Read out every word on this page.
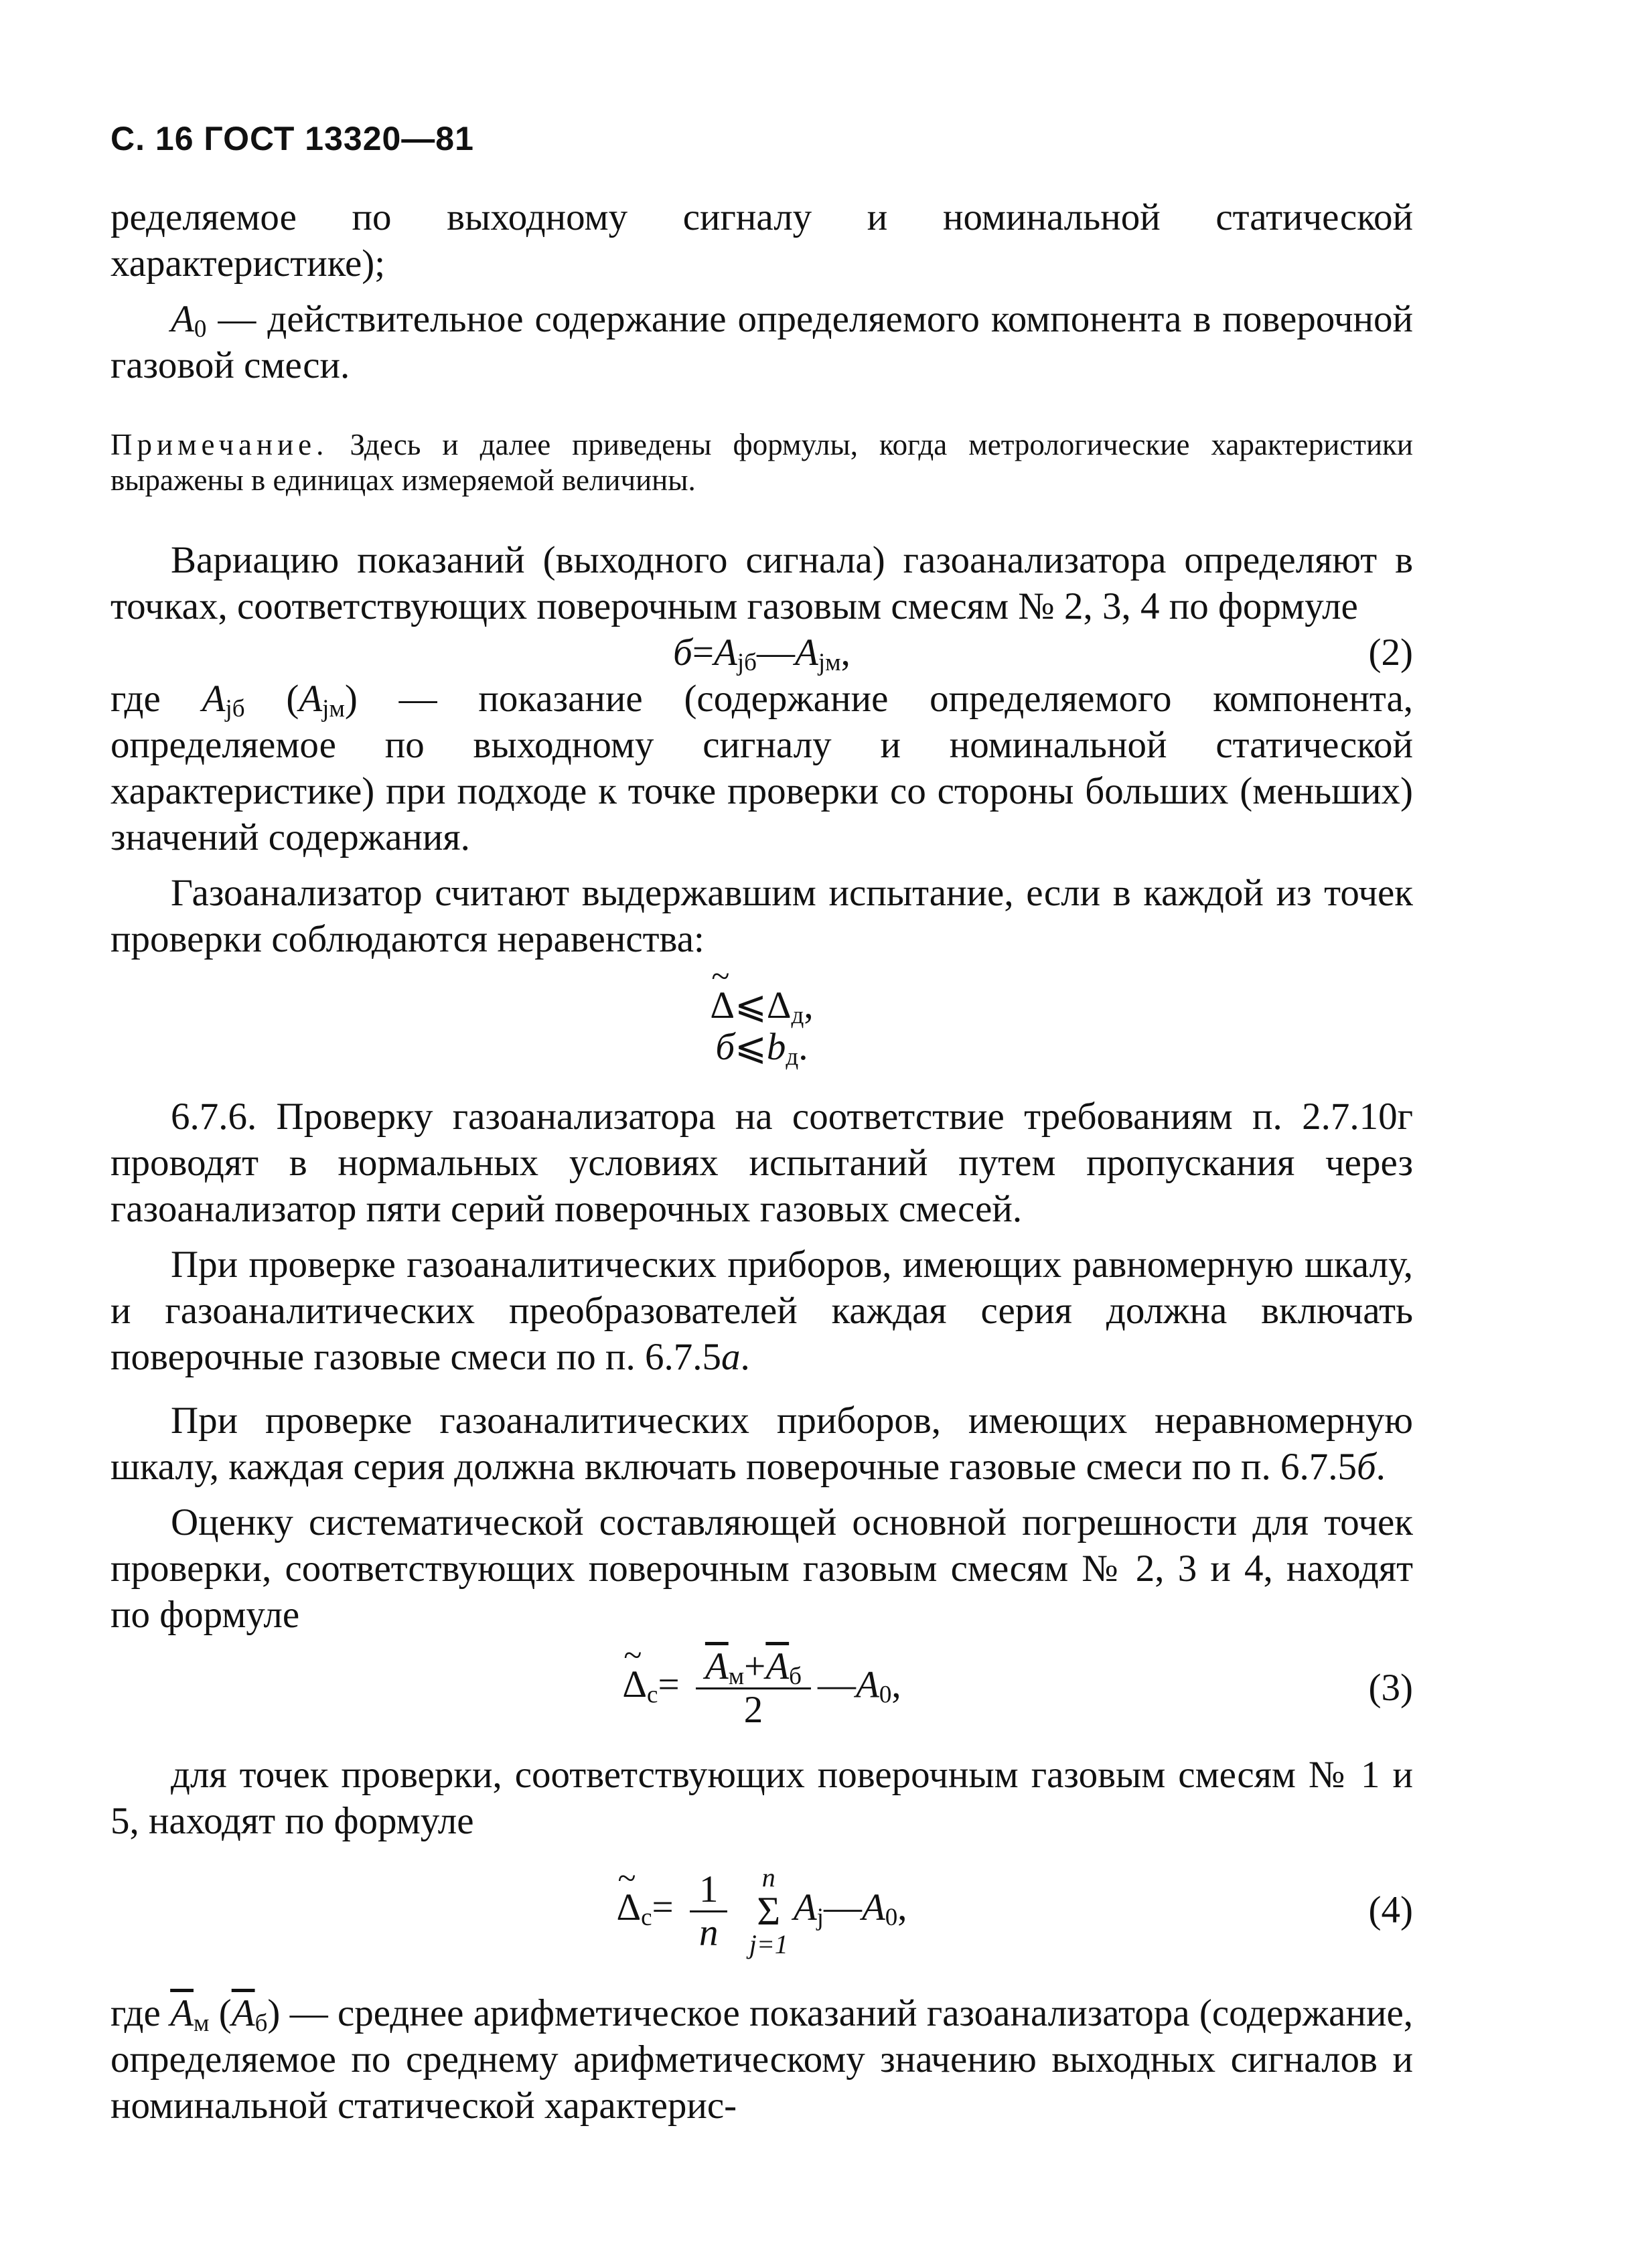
С. 16 ГОСТ 13320—81

ределяемое по выходному сигналу и номинальной статической характеристике);

$A_0$ — действительное содержание определяемого компонента в поверочной газовой смеси.

Примечание. Здесь и далее приведены формулы, когда метрологические характеристики выражены в единицах измеряемой величины.

Вариацию показаний (выходного сигнала) газоанализатора определяют в точках, соответствующих поверочным газовым смесям № 2, 3, 4 по формуле

$б=A_{jб}—A_{jм}$,	(2)

где $A_{jб}$ $(A_{jм})$ — показание (содержание определяемого компонента, определяемое по выходному сигналу и номинальной статической характеристике) при подходе к точке проверки со стороны больших (меньших) значений содержания.

Газоанализатор считают выдержавшим испытание, если в каждой из точек проверки соблюдаются неравенства:

~ $\Delta⩽\Delta_д$,
$б⩽b_д$.

6.7.6. Проверку газоанализатора на соответствие требованиям п. 2.7.10г проводят в нормальных условиях испытаний путем пропускания через газоанализатор пяти серий поверочных газовых смесей.

При проверке газоаналитических приборов, имеющих равномерную шкалу, и газоаналитических преобразователей каждая серия должна включать поверочные газовые смеси по п. 6.7.5а.

При проверке газоаналитических приборов, имеющих неравномерную шкалу, каждая серия должна включать поверочные газовые смеси по п. 6.7.5б.

Оценку систематической составляющей основной погрешности для точек проверки, соответствующих поверочным газовым смесям № 2, 3 и 4, находят по формуле

~ $\Delta_с= \frac{\overline{A}_м+\overline{A}_б}{2}$ $—A_0$,	(3)

для точек проверки, соответствующих поверочным газовым смесям № 1 и 5, находят по формуле

~ $\Delta_с= \frac{1}{n}$
n
Σ
j=1
$A_j—A_0$,	(4)

где $\overline{A}_м$ $(\overline{A}_б)$ — среднее арифметическое показаний газоанализатора (содержание, определяемое по среднему арифметическому значению выходных сигналов и номинальной статической характерис-
